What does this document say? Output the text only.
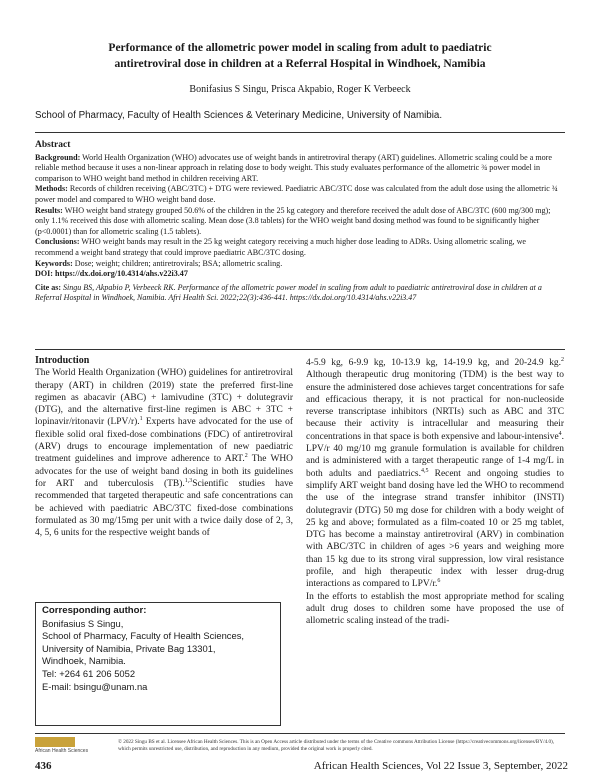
Performance of the allometric power model in scaling from adult to paediatric
antiretroviral dose in children at a Referral Hospital in Windhoek, Namibia
Bonifasius S Singu, Prisca Akpabio, Roger K Verbeeck
School of Pharmacy, Faculty of Health Sciences & Veterinary Medicine, University of Namibia.
Abstract

Background: World Health Organization (WHO) advocates use of weight bands in antiretroviral therapy (ART) guidelines. Allometric scaling could be a more reliable method because it uses a non-linear approach in relating dose to body weight. This study evaluates performance of the allometric ¾ power model in comparison to WHO weight band method in children receiving ART.

Methods: Records of children receiving (ABC/3TC) + DTG were reviewed. Paediatric ABC/3TC dose was calculated from the adult dose using the allometric ¾ power model and compared to WHO weight band dose.

Results: WHO weight band strategy grouped 50.6% of the children in the 25 kg category and therefore received the adult dose of ABC/3TC (600 mg/300 mg); only 1.1% received this dose with allometric scaling. Mean dose (3.8 tablets) for the WHO weight band dosing method was found to be significantly higher (p<0.0001) than for allometric scaling (1.5 tablets).

Conclusions: WHO weight bands may result in the 25 kg weight category receiving a much higher dose leading to ADRs. Using allometric scaling, we recommend a weight band strategy that could improve paediatric ABC/3TC dosing.

Keywords: Dose; weight; children; antiretrovirals; BSA; allometric scaling.

DOI: https://dx.doi.org/10.4314/ahs.v22i3.47

Cite as: Singu BS, Akpabio P, Verbeeck RK. Performance of the allometric power model in scaling from adult to paediatric antiretroviral dose in children at a Referral Hospital in Windhoek, Namibia. Afri Health Sci. 2022;22(3):436-441. https://dx.doi.org/10.4314/ahs.v22i3.47

Introduction

The World Health Organization (WHO) guidelines for antiretroviral therapy (ART) in children (2019) state the preferred first-line regimen as abacavir (ABC) + lamivudine (3TC) + dolutegravir (DTG), and the alternative first-line regimen is ABC + 3TC + lopinavir/ritonavir (LPV/r).$^1$ Experts have advocated for the use of flexible solid oral fixed-dose combinations (FDC) of antiretroviral (ARV) drugs to encourage implementation of new paediatric treatment guidelines and improve adherence to ART.$^2$ The WHO advocates for the use of weight band dosing in both its guidelines for ART and tuberculosis (TB).$^{1,3}$Scientific studies have recommended that targeted therapeutic and safe concentrations can be achieved with paediatric ABC/3TC fixed-dose combinations formulated as 30 mg/15mg per unit with a twice daily dose of 2, 3, 4, 5, 6 units for the respective weight bands of

4-5.9 kg, 6-9.9 kg, 10-13.9 kg, 14-19.9 kg, and 20-24.9 kg.$^2$ Although therapeutic drug monitoring (TDM) is the best way to ensure the administered dose achieves target concentrations for safe and efficacious therapy, it is not practical for non-nucleoside reverse transcriptase inhibitors (NRTIs) such as ABC and 3TC because their activity is intracellular and measuring their concentrations in that space is both expensive and labour-intensive$^4$. LPV/r 40 mg/10 mg granule formulation is available for children and is administered with a target therapeutic range of 1-4 mg/L in both adults and paediatrics.$^{4,5}$ Recent and ongoing studies to simplify ART weight band dosing have led the WHO to recommend the use of the integrase strand transfer inhibitor (INSTI) dolutegravir (DTG) 50 mg dose for children with a body weight of 25 kg and above; formulated as a film-coated 10 or 25 mg tablet, DTG has become a mainstay antiretroviral (ARV) in combination with ABC/3TC in children of ages >6 years and weighing more than 15 kg due to its strong viral suppression, low viral resistance profile, and high therapeutic index with lesser drug-drug interactions as compared to LPV/r.$^6$

In the efforts to establish the most appropriate method for scaling adult drug doses to children some have proposed the use of allometric scaling instead of the tradi-

Corresponding author:
Bonifasius S Singu,
School of Pharmacy, Faculty of Health Sciences,
University of Namibia, Private Bag 13301,
Windhoek, Namibia.
Tel: +264 61 206 5052
E-mail: bsingu@unam.na
African Health Sciences
© 2022 Singu BS et al. Licensee African Health Sciences. This is an Open Access article distributed under the terms of the Creative commons Attribution License (https://creativecommons.org/licenses/BY/4.0), which permits unrestricted use, distribution, and reproduction in any medium, provided the original work is properly cited.
436	African Health Sciences, Vol 22 Issue 3, September, 2022
